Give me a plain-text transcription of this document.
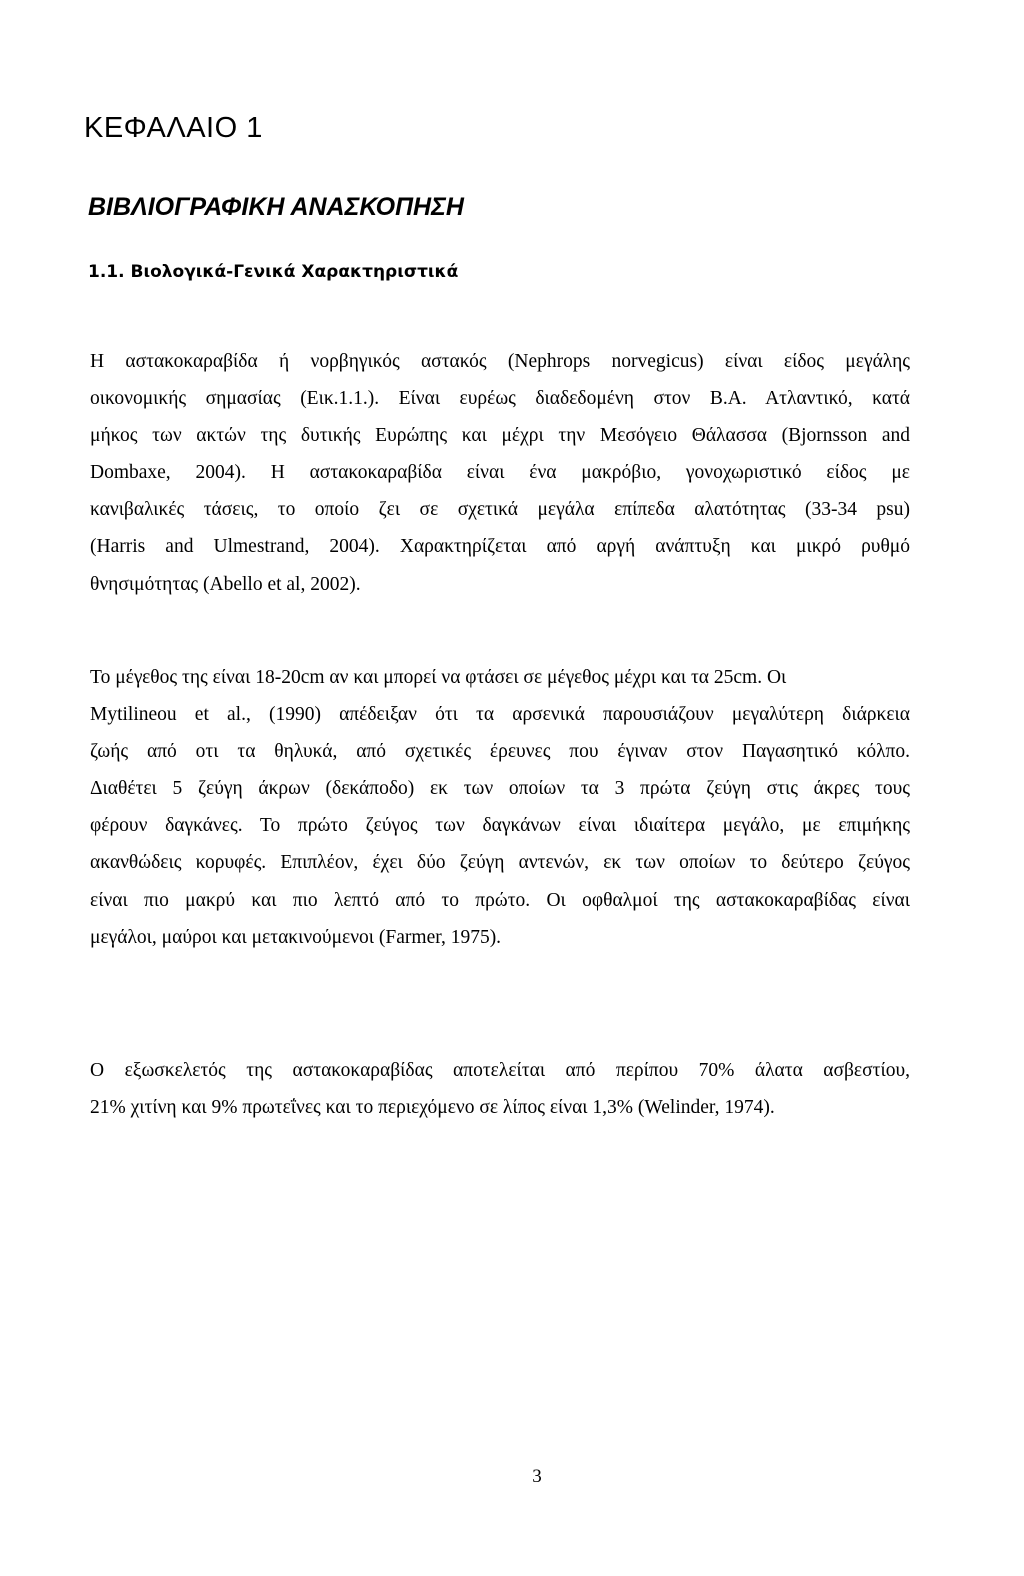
ΚΕΦΑΛΑΙΟ 1
ΒΙΒΛΙΟΓΡΑΦΙΚΗ ΑΝΑΣΚΟΠΗΣΗ
1.1. Βιολογικά-Γενικά Χαρακτηριστικά
Η αστακοκαραβίδα ή νορβηγικός αστακός (Nephrops norvegicus) είναι είδος μεγάλης
οικονομικής σημασίας (Εικ.1.1.). Είναι ευρέως διαδεδομένη στον Β.Α. Ατλαντικό, κατά
μήκος των ακτών της δυτικής Ευρώπης και μέχρι την Μεσόγειο Θάλασσα (Bjornsson and
Dombaxe, 2004). Η αστακοκαραβίδα είναι ένα μακρόβιο, γονοχωριστικό είδος με
κανιβαλικές τάσεις, το οποίο ζει σε σχετικά μεγάλα επίπεδα αλατότητας (33-34 psu)
(Harris and Ulmestrand, 2004). Χαρακτηρίζεται από αργή ανάπτυξη και μικρό ρυθμό
θνησιμότητας (Abello et al, 2002).
Το μέγεθος της είναι 18-20cm αν και μπορεί να φτάσει σε μέγεθος μέχρι και τα 25cm. Οι
Mytilineou et al., (1990) απέδειξαν ότι τα αρσενικά παρουσιάζουν μεγαλύτερη διάρκεια
ζωής από οτι τα θηλυκά, από σχετικές έρευνες που έγιναν στον Παγασητικό κόλπο.
Διαθέτει 5 ζεύγη άκρων (δεκάποδο) εκ των οποίων τα 3 πρώτα ζεύγη στις άκρες τους
φέρουν δαγκάνες. Το πρώτο ζεύγος των δαγκάνων είναι ιδιαίτερα μεγάλο, με επιμήκης
ακανθώδεις κορυφές. Επιπλέον, έχει δύο ζεύγη αντενών, εκ των οποίων το δεύτερο ζεύγος
είναι πιο μακρύ και πιο λεπτό από το πρώτο. Οι οφθαλμοί της αστακοκαραβίδας είναι
μεγάλοι, μαύροι και μετακινούμενοι (Farmer, 1975).
Ο εξωσκελετός της αστακοκαραβίδας αποτελείται από περίπου 70% άλατα ασβεστίου,
21% χιτίνη και 9% πρωτεΐνες και το περιεχόμενο σε λίπος είναι 1,3% (Welinder, 1974).
3
